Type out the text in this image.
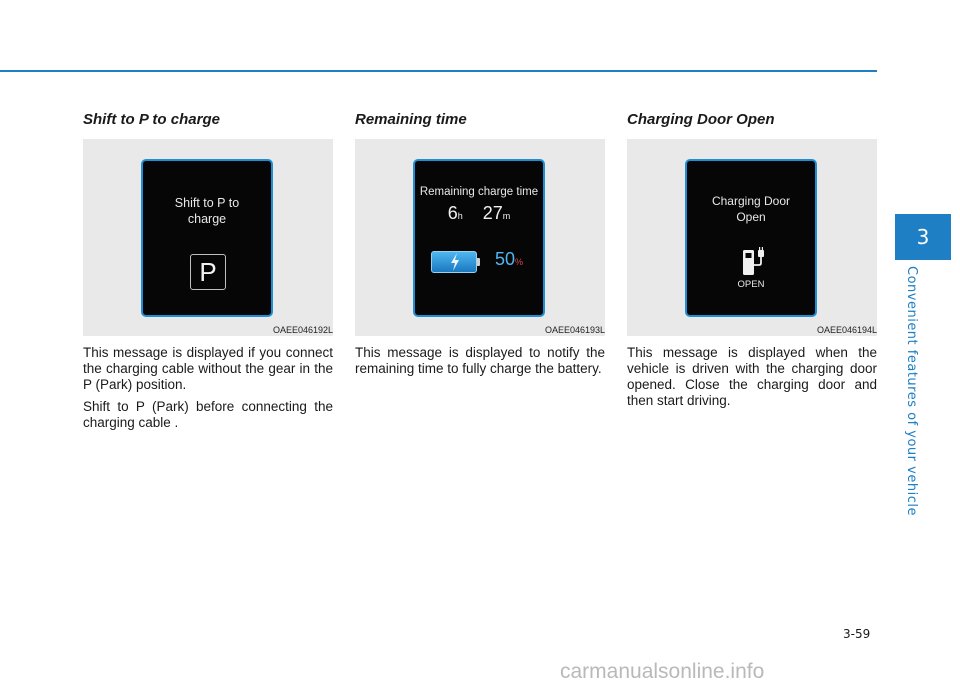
Shift to P to charge
Shift to P to charge
P
OAEE046192L

This message is displayed if you connect the charging cable without the gear in the P (Park) position.

Shift to P (Park) before connecting the charging cable .

Remaining time
Remaining charge time
6h 27m
50%
OAEE046193L

This message is displayed to notify the remaining time to fully charge the battery.

Charging Door Open
Charging Door Open
OPEN
OAEE046194L

This message is displayed when the vehicle is driven with the charging door opened. Close the charging door and then start driving.

3
Convenient features of your vehicle
3-59
carmanualsonline.info
